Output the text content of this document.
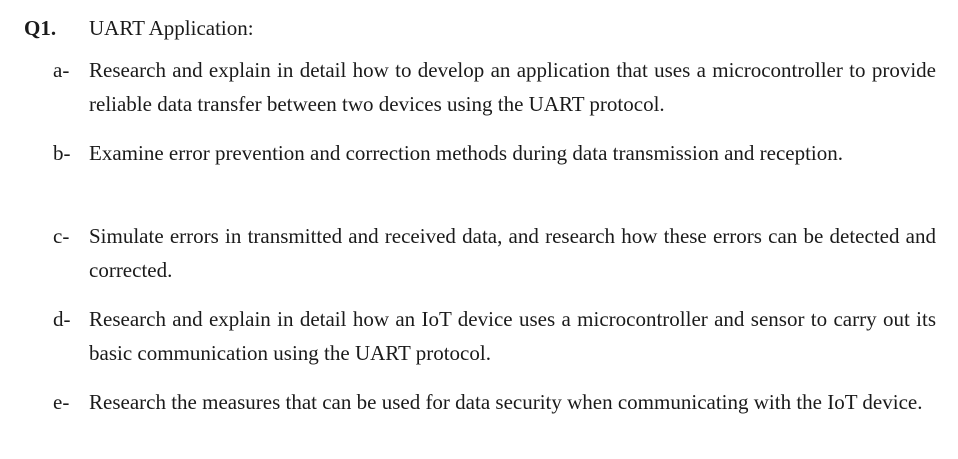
Q1. UART Application:
a- Research and explain in detail how to develop an application that uses a microcontroller to provide reliable data transfer between two devices using the UART protocol.
b- Examine error prevention and correction methods during data transmission and reception.
c- Simulate errors in transmitted and received data, and research how these errors can be detected and corrected.
d- Research and explain in detail how an IoT device uses a microcontroller and sensor to carry out its basic communication using the UART protocol.
e- Research the measures that can be used for data security when communicating with the IoT device.
